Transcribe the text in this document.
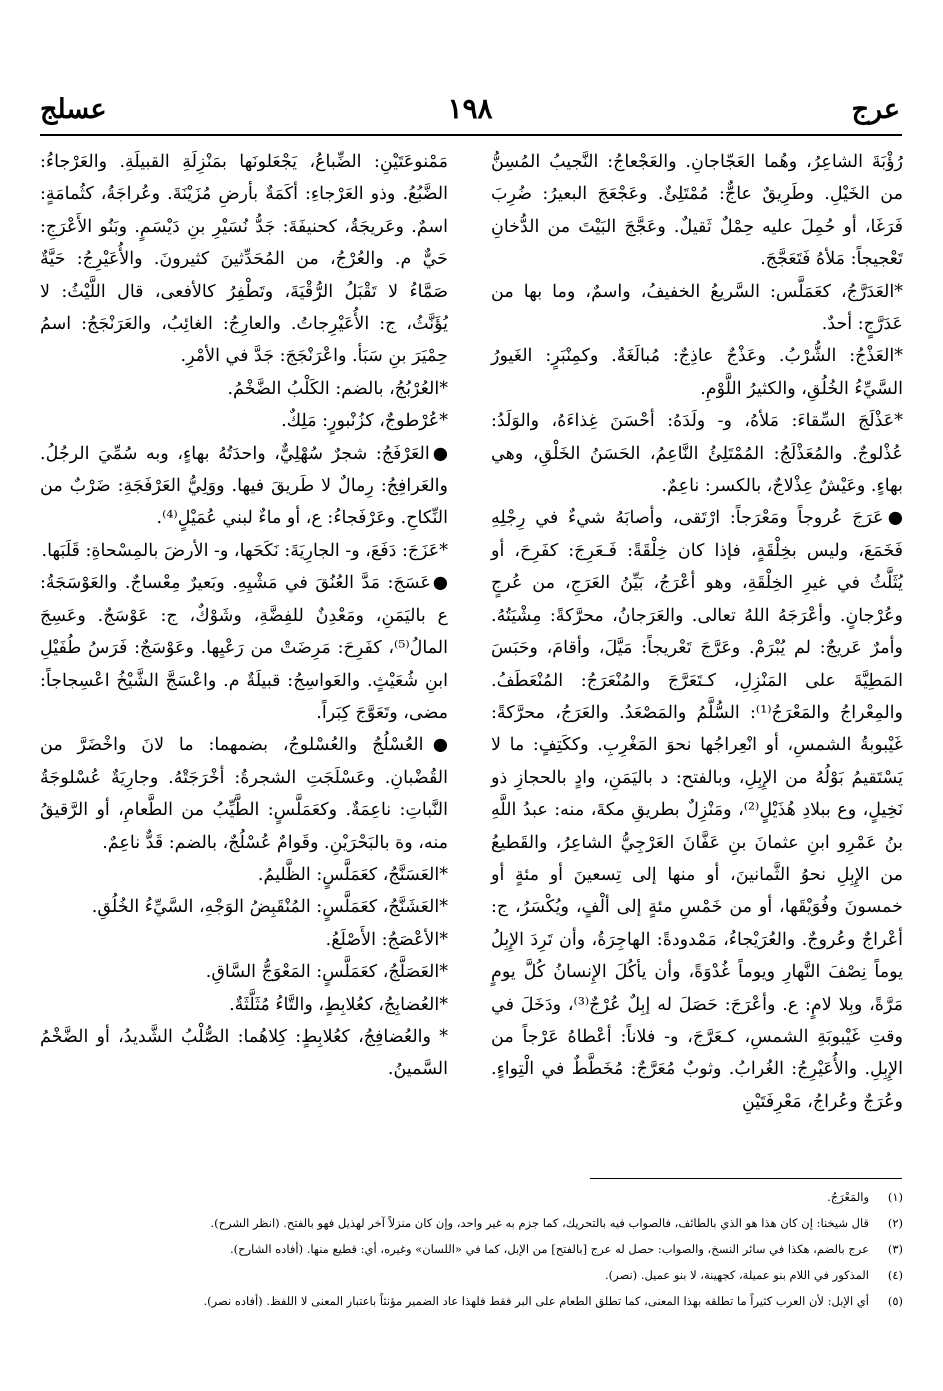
عرج
١٩٨
عسلج

رُؤْبَةَ الشاعِرُ، وهُما العَجّاجانِ. والعَجْعاجُ: النَّجيبُ المُسِنُّ من الخَيْلِ. وطَرِيقٌ عاجٌّ: مُمْتَلِئٌ. وعَجْعَجَ البعيرُ: ضُرِبَ فَرَغَا، أو حُمِلَ عليه حِمْلٌ ثَقيلٌ. وعَجَّجَ البَيْتَ من الدُّخانِ تَعْجيجاً: مَلأهُ فَتَعَجَّجَ.

*العَدَرَّجُ، كعَمَلَّس: السَّريعُ الخفيفُ، واسمٌ، وما بها من عَدَرَّجٍ: أحدٌ.

*العَذْجُ: الشُّرْبُ. وعَذْجٌ عاذِجٌ: مُبالَغَةٌ. وكمِنْبَرٍ: الغَيورُ السَّيِّءُ الخُلُقِ، والكثيرُ اللَّوْمِ.

*عَذْلَجَ السِّقاءَ: مَلأهُ، و- ولَدَهُ: أحْسَنَ غِذاءَهُ، والوَلَدُ: عُذْلوجٌ. والمُعَذْلَجُ: المُمْتَلِئُ النَّاعِمُ، الحَسَنُ الخَلْقِ، وهي بهاءٍ. وعَيْشٌ عِذْلاجٌ، بالكسر: ناعِمٌ.

●عَرَجَ عُروجاً ومَعْرَجاً: ارْتَقى، وأصابَهُ شيءٌ في رِجْلِهِ فَخَمَعَ، وليس بخِلْقَةٍ، فإذا كان خِلْقَةً: فَـعَرِجَ: كفَرِحَ، أو يُثَلَّثُ في غيرِ الخِلْقَةِ، وهو أعْرَجُ، بَيِّنُ العَرَجِ، من عُرجٍ وعُرْجانٍ. وأعْرَجَهُ اللهُ تعالى. والعَرَجانُ، محرَّكةً: مِشْيَتُهُ. وأمرٌ عَريجٌ: لم يُبْرَمْ. وعَرَّجَ تَعْريجاً: مَيَّلَ، وأقامَ، وحَبَسَ المَطِيَّةَ على المَنْزِلِ، كـتَعَرَّجَ والمُنْعَرَجُ: المُنْعَطَفُ. والمِعْراجُ والمَعْرَجُ⁽¹⁾: السُّلَّمُ والمَصْعَدُ. والعَرَجُ، محرَّكةً: غَيْبوبةُ الشمسِ، أو انْعِراجُها نحوَ المَغْرِبِ. وككَتِفٍ: ما لا يَسْتَقيمُ بَوْلُهُ من الإِبِلِ، وبالفتح: د باليَمَنِ، وادٍ بالحجازِ ذو نَخِيلٍ، وع ببلادِ هُذَيْلٍ⁽²⁾، ومَنْزِلٌ بطريقِ مكةَ، منه: عبدُ اللَّهِ بنُ عَمْرِو ابنِ عثمانَ بنِ عَفَّانَ العَرْجِيُّ الشاعِرُ، والقَطيعُ من الإِبِلِ نحوُ الثَّمانينَ، أو منها إلى تِسعينَ أو مئةٍ أو خمسونَ وفُوَيْقَها، أو من خَمْسِ مئةٍ إلى ألْفٍ، ويُكْسَرُ، ج: أعْراجٌ وعُروجٌ. والعُرَيْجاءُ، مَمْدودةً: الهاجِرَةُ، وأن تَرِدَ الإِبِلُ يوماً نِصْفَ النَّهارِ ويوماً غُدْوَةً، وأن يأكُلَ الإِنسانُ كُلَّ يومٍ مَرَّةً، وبِلا لامٍ: ع. وأعْرَجَ: حَصَلَ له إبِلٌ عُرْجٌ⁽³⁾، ودَخَلَ في وقتِ غَيْبوبَةِ الشمسِ، كـعَرَّجَ، و- فلاناً: أعْطاهُ عَرْجاً من الإِبِلِ. والأُعَيْرِجُ: الغُرابُ. وثوبٌ مُعَرَّجٌ: مُخَطَّطٌ في الْتِواءٍ. وعُرَجٌ وعُراجُ، مَعْرِفَتَيْنِ

مَمْنوعَتَيْنِ: الضِّباعُ، يَجْعَلونَها بمَنْزِلَةِ القبيلَةِ. والعَرْجاءُ: الضَّبُعُ. وذو العَرْجاءِ: أكَمَةٌ بأرضِ مُزَيْنَةَ. وعُراجَةُ، كثُمامَةٍ: اسمٌ. وعَريجَةُ، كحنيفَةَ: جَدُّ نُسَيْرِ بنِ دَيْسَمٍ. وبَنُو الأَعْرَجِ: حَيٌّ م. والعُرْجُ، من المُحَدِّثينَ كثيرونَ. والأُعَيْرِجُ: حَيَّةٌ صَمَّاءُ لا تَقْبَلُ الرُّقْيَةَ، وتَطْفِرُ كالأفعى، قال اللَّيْثُ: لا يُؤَنَّثُ، ج: الأُعَيْرِجاتُ. والعارِجُ: الغائِبُ، والعَرَنْجَجُ: اسمُ حِمْيَرَ بنِ سَبَأ. واعْرَنْجَجَ: جَدَّ في الأمْرِ.

*العُرْبُجُ، بالضم: الكَلْبُ الضَّخْمُ.

*عُرْطوجٌ، كزُنْبورٍ: مَلِكٌ.

●العَرْفَجُ: شجرٌ سُهْلِيٌّ، واحدَتُهُ بهاءٍ، وبه سُمِّيَ الرجُلُ. والعَرافِجُ: رِمالٌ لا طَريقَ فيها. ووَلِيُّ العَرْفَجَةِ: ضَرْبٌ من النِّكاحِ. وعَرْفَجاءُ: ع، أو ماءٌ لبني عُمَيْلٍ⁽⁴⁾.

*عَزَجَ: دَفَعَ، و- الجارِيَةَ: نَكَحَها، و- الأرضَ بالمِسْحاةِ: قَلَبَها.

●عَسَجَ: مَدَّ العُنُقَ في مَشْيِهِ. وبَعيرٌ مِعْساجٌ. والعَوْسَجَةُ: ع باليَمَنِ، ومَعْدِنٌ للفِضَّةِ، وشَوْكٌ، ج: عَوْسَجٌ. وعَسِجَ المالُ⁽⁵⁾، كفَرِحَ: مَرِضَتْ من رَعْيِها. وعَوْسَجٌ: فَرَسُ طُفَيْلِ ابنِ شُعَيْثٍ. والعَواسِجُ: قبيلَةٌ م. واعْسَجَّ الشَّيْخُ اعْسِجاجاً: مضى، وتَعَوَّجَ كِبَراً.

●العُسْلُجُ والعُسْلوجُ، بضمهما: ما لانَ واخْضَرَّ من القُضْبانِ. وعَسْلَجَتِ الشجرةُ: أخْرَجَتْهُ. وجارِيَةٌ عُسْلوجَةُ النَّباتِ: ناعِمَةٌ. وكعَمَلَّسٍ: الطَّيِّبُ من الطَّعامِ، أو الرَّقيقُ منه، وة بالبَحْرَيْنِ. وقَوامٌ عُسْلُجٌ، بالضم: قَدٌّ ناعِمٌ.

*العَسَنَّجُ، كعَمَلَّسٍ: الظَّليمُ.

*العَشَنَّجُ، كعَمَلَّسٍ: المُنْقَبِضُ الوَجْهِ، السَّيِّءُ الخُلُقِ.

*الأعْصَجُ: الأَصْلَعُ.

*العَصَلَّجُ، كعَمَلَّسٍ: المَعْوَجُّ السَّاقِ.

*العُضابِجُ، كعُلابِطٍ، والتَّاءُ مُثَلَّثَةٌ.

* والعُضافِجُ، كعُلابِطٍ: كِلاهُما: الصُّلْبُ الشَّديدُ، أو الضَّخْمُ السَّمينُ.

(١)والمَعْرَجُ.
(٢)قال شيخنا: إن كان هذا هو الذي بالطائف، فالصواب فيه بالتحريك، كما جزم به غير واحد، وإن كان منزلاً آخر لهذيل فهو بالفتح. (انظر الشرح).
(٣)عرج بالضم، هكذا في سائر النسخ، والصواب: حصل له عرج [بالفتح] من الإبل، كما في «اللسان» وغيره، أي: قطيع منها. (أفاده الشارح).
(٤)المذكور في اللام بنو عميلة، كجهينة، لا بنو عميل. (نصر).
(٥)أي الإبل: لأن العرب كثيراً ما تطلقه بهذا المعنى، كما تطلق الطعام على البر فقط فلهذا عاد الضمير مؤنثاً باعتبار المعنى لا اللفظ. (أفاده نصر).
